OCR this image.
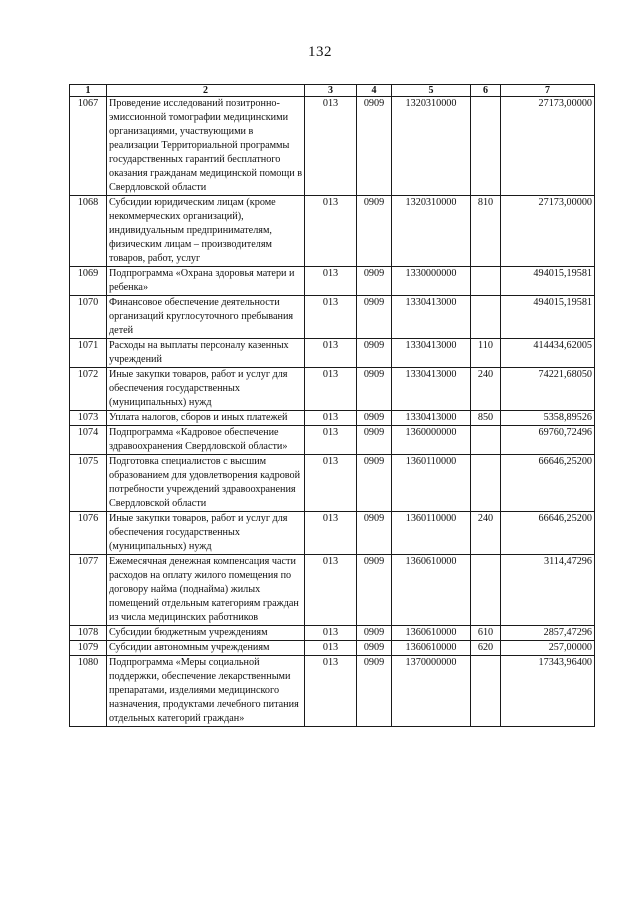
132
1	2	3	4	5	6	7
1067	Проведение исследований позитронно-эмиссионной томографии медицинскими организациями, участвующими в реализации Территориальной программы государственных гарантий бесплатного оказания гражданам медицинской помощи в Свердловской области	013	0909	1320310000		27173,00000
1068	Субсидии юридическим лицам (кроме некоммерческих организаций), индивидуальным предпринимателям, физическим лицам – производителям товаров, работ, услуг	013	0909	1320310000	810	27173,00000
1069	Подпрограмма «Охрана здоровья матери и ребенка»	013	0909	1330000000		494015,19581
1070	Финансовое обеспечение деятельности организаций круглосуточного пребывания детей	013	0909	1330413000		494015,19581
1071	Расходы на выплаты персоналу казенных учреждений	013	0909	1330413000	110	414434,62005
1072	Иные закупки товаров, работ и услуг для обеспечения государственных (муниципальных) нужд	013	0909	1330413000	240	74221,68050
1073	Уплата налогов, сборов и иных платежей	013	0909	1330413000	850	5358,89526
1074	Подпрограмма «Кадровое обеспечение здравоохранения Свердловской области»	013	0909	1360000000		69760,72496
1075	Подготовка специалистов с высшим образованием для удовлетворения кадровой потребности учреждений здравоохранения Свердловской области	013	0909	1360110000		66646,25200
1076	Иные закупки товаров, работ и услуг для обеспечения государственных (муниципальных) нужд	013	0909	1360110000	240	66646,25200
1077	Ежемесячная денежная компенсация части расходов на оплату жилого помещения по договору найма (поднайма) жилых помещений отдельным категориям граждан из числа медицинских работников	013	0909	1360610000		3114,47296
1078	Субсидии бюджетным учреждениям	013	0909	1360610000	610	2857,47296
1079	Субсидии автономным учреждениям	013	0909	1360610000	620	257,00000
1080	Подпрограмма «Меры социальной поддержки, обеспечение лекарственными препаратами, изделиями медицинского назначения, продуктами лечебного питания отдельных категорий граждан»	013	0909	1370000000		17343,96400
